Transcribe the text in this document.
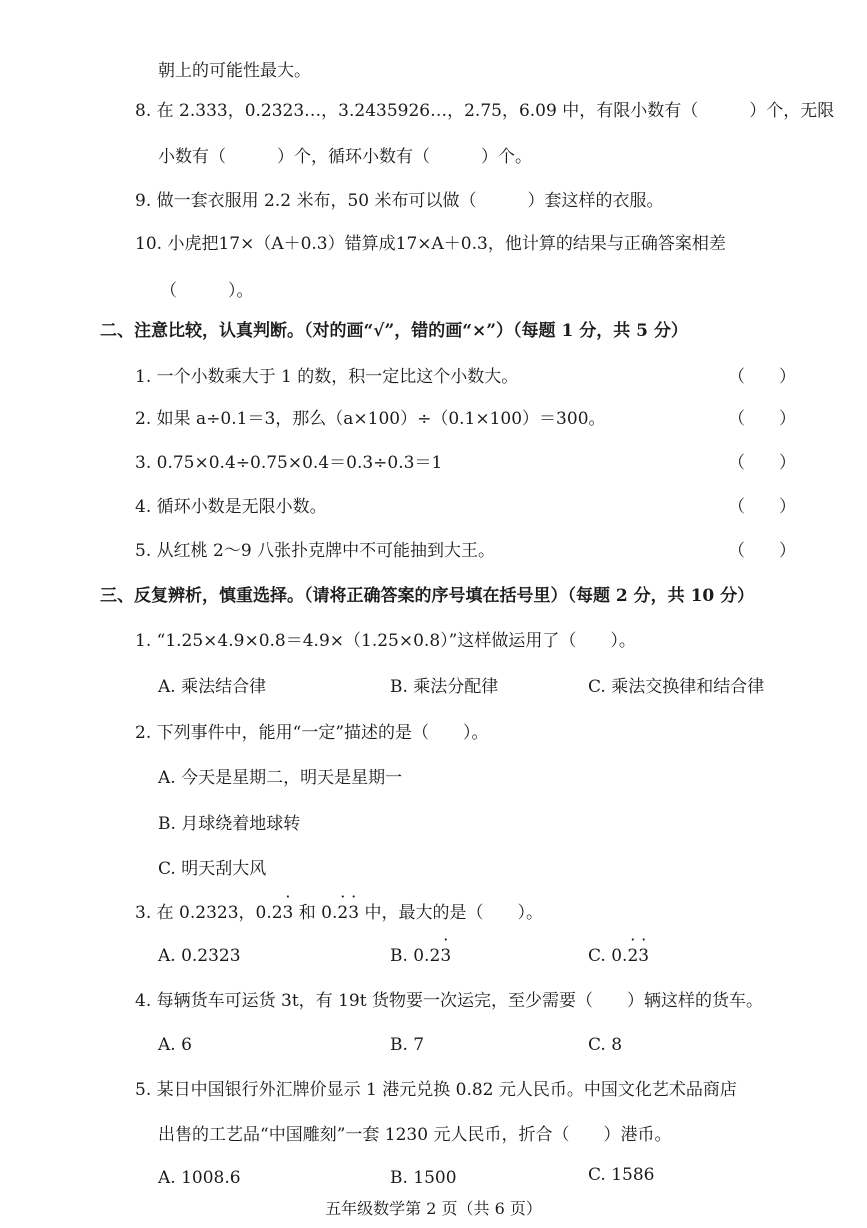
朝上的可能性最大。
8. 在 2.333，0.2323…，3.2435926…，2.75，6.09 中，有限小数有（　　　）个，无限
小数有（　　　）个，循环小数有（　　　）个。
9. 做一套衣服用 2.2 米布，50 米布可以做（　　　）套这样的衣服。
10. 小虎把17×（A＋0.3）错算成17×A＋0.3，他计算的结果与正确答案相差
（　　　）。
二、注意比较，认真判断。（对的画“√”，错的画“×”）（每题 1 分，共 5 分）
1. 一个小数乘大于 1 的数，积一定比这个小数大。	（　　）
2. 如果 a÷0.1＝3，那么（a×100）÷（0.1×100）＝300。	（　　）
3. 0.75×0.4÷0.75×0.4＝0.3÷0.3＝1	（　　）
4. 循环小数是无限小数。	（　　）
5. 从红桃 2～9 八张扑克牌中不可能抽到大王。	（　　）
三、反复辨析，慎重选择。（请将正确答案的序号填在括号里）（每题 2 分，共 10 分）
1. “1.25×4.9×0.8＝4.9×（1.25×0.8）”这样做运用了（　　）。
A. 乘法结合律	B. 乘法分配律	C. 乘法交换律和结合律
2. 下列事件中，能用“一定”描述的是（　　）。
A. 今天是星期二，明天是星期一
B. 月球绕着地球转
C. 明天刮大风
3. 在 0.2323，0.2· 3 和 0.· 2· 3 中，最大的是（　　）。
A. 0.2323	B. 0.2· 3	C. 0.· 2· 3
4. 每辆货车可运货 3t，有 19t 货物要一次运完，至少需要（　　）辆这样的货车。
A. 6	B. 7	C. 8
5. 某日中国银行外汇牌价显示 1 港元兑换 0.82 元人民币。中国文化艺术品商店
出售的工艺品“中国雕刻”一套 1230 元人民币，折合（　　）港币。
A. 1008.6	B. 1500	C. 1586
五年级数学第 2 页（共 6 页）
